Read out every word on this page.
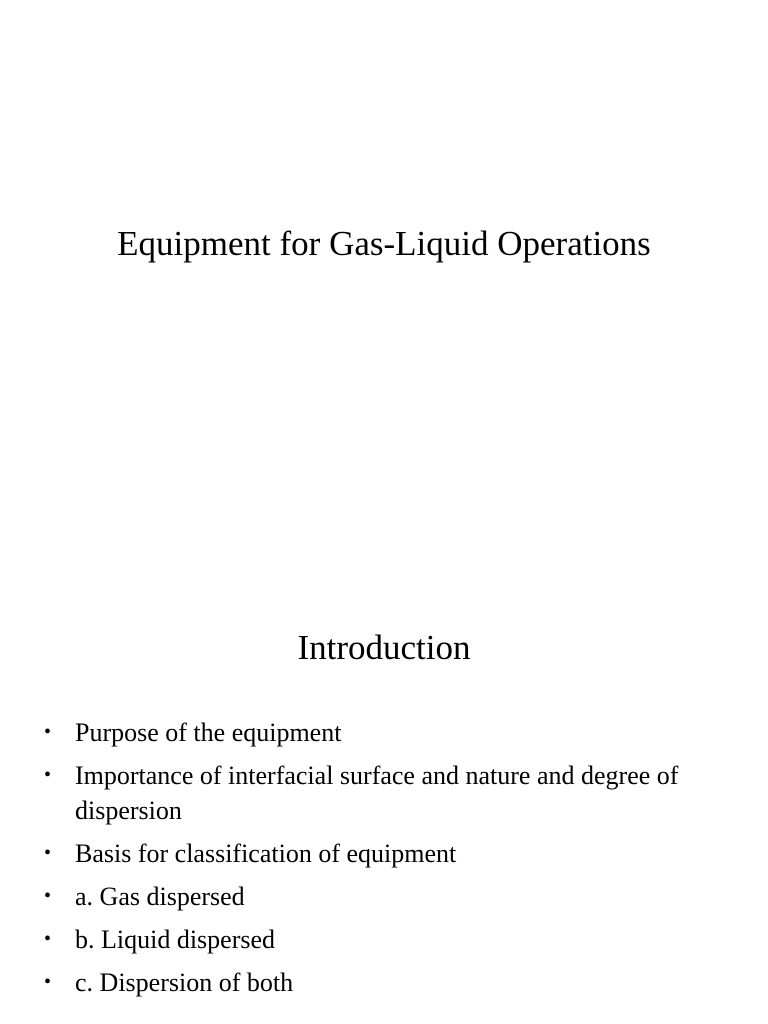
Equipment for Gas-Liquid Operations
Introduction
• Purpose of the equipment
• Importance of interfacial surface and nature and degree of dispersion
• Basis for classification of equipment
• a. Gas dispersed
• b. Liquid dispersed
• c. Dispersion of both
